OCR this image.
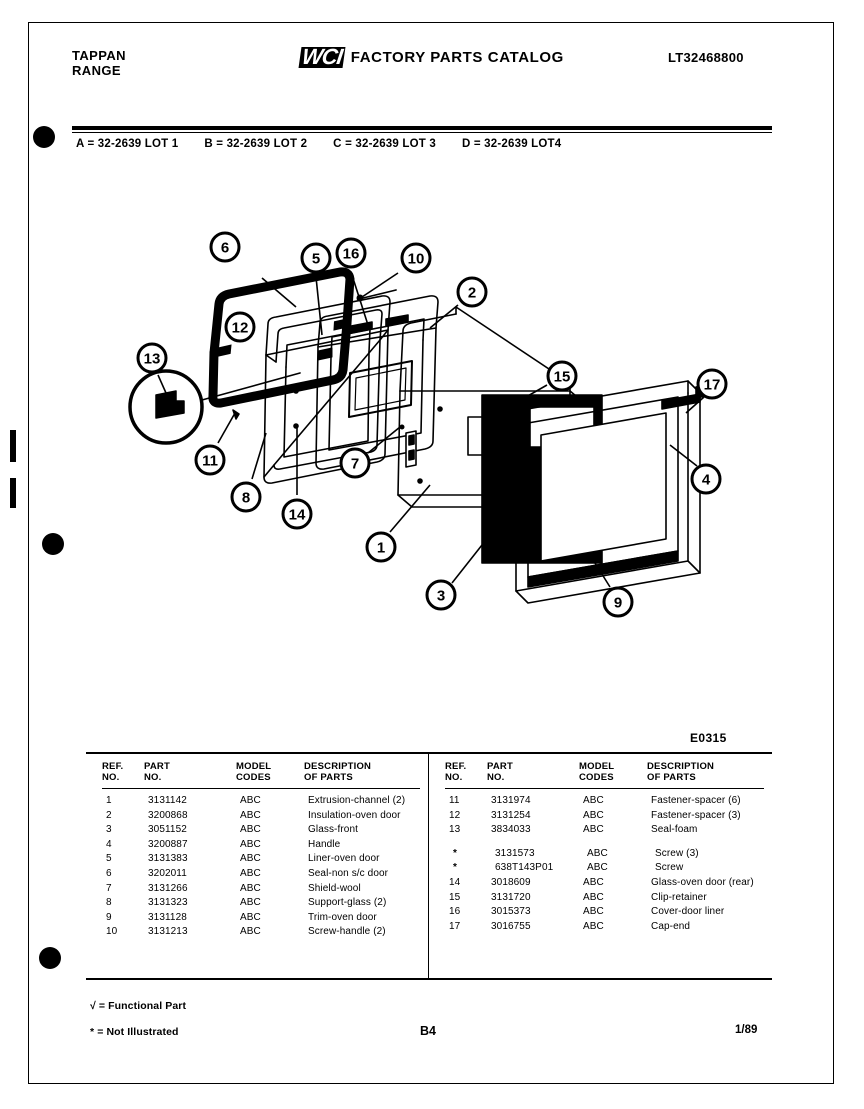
TAPPAN
RANGE
WCI FACTORY PARTS CATALOG	LT32468800
A = 32-2639 LOT 1 B = 32-2639 LOT 2 C = 32-2639 LOT 3 D = 32-2639 LOT4
6
5 16	10
2
12
13
11
8
14
7
1
15	17
4
3	9
E0315
REF.
NO.
PART
NO.
MODEL
CODES
DESCRIPTION
OF PARTS
1	3131142	ABC	Extrusion-channel (2)
2	3200868	ABC	Insulation-oven door
3	3051152	ABC	Glass-front
4	3200887	ABC	Handle
5	3131383	ABC	Liner-oven door
6	3202011	ABC	Seal-non s/c door
7	3131266	ABC	Shield-wool
8	3131323	ABC	Support-glass (2)
9	3131128	ABC	Trim-oven door
10	3131213	ABC	Screw-handle (2)
REF.
NO.
PART
NO.
MODEL
CODES
DESCRIPTION
OF PARTS
11	3131974	ABC	Fastener-spacer (6)
12	3131254	ABC	Fastener-spacer (3)
13	3834033	ABC	Seal-foam
*	3131573	ABC	Screw (3)
*	638T143P01	ABC	Screw
14	3018609	ABC	Glass-oven door (rear)
15	3131720	ABC	Clip-retainer
16	3015373	ABC	Cover-door liner
17	3016755	ABC	Cap-end
√ = Functional Part
* = Not Illustrated	B4	1/89
